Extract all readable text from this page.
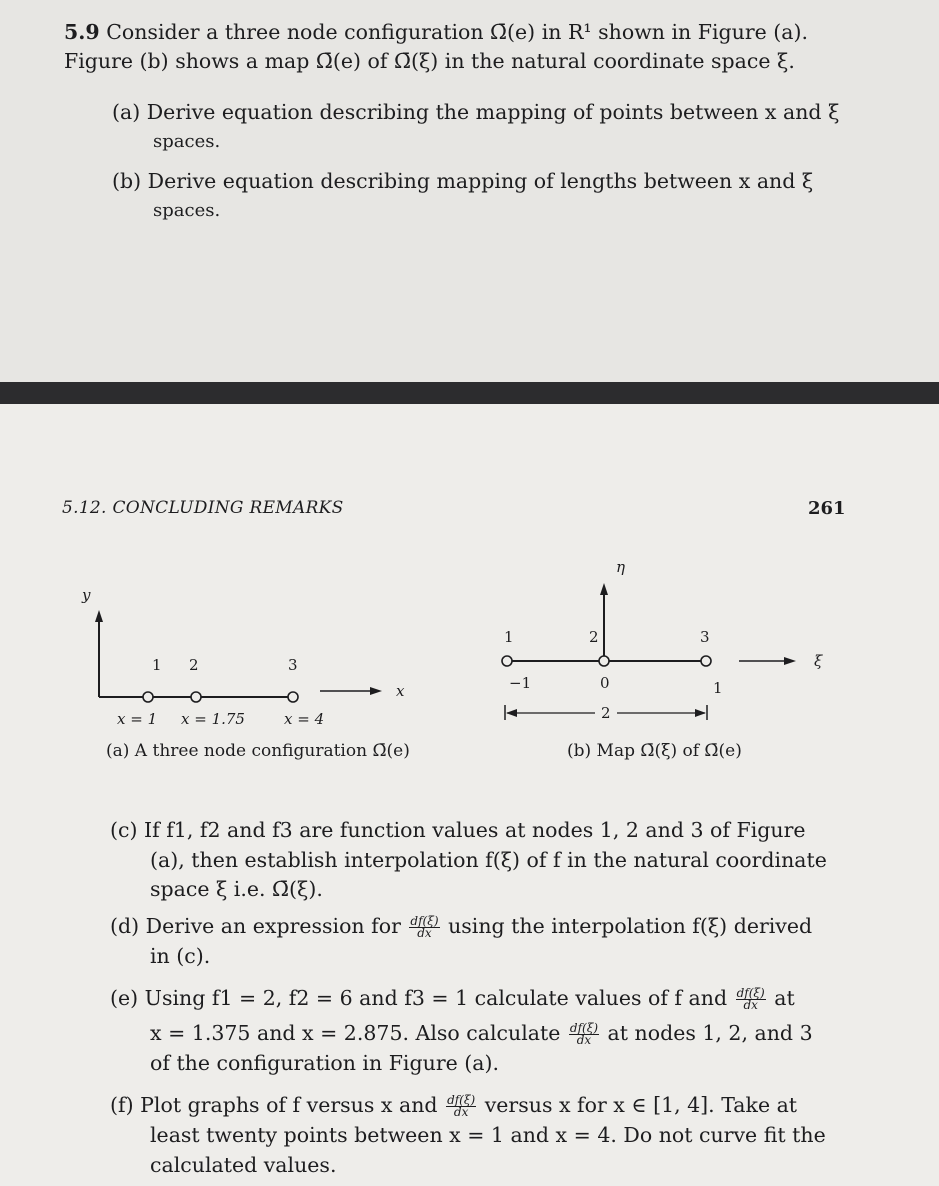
5.9 Consider a three node configuration Ω̄(e) in R¹ shown in Figure (a).
Figure (b) shows a map Ω̄(e) of Ω̄(ξ) in the natural coordinate space ξ.
(a) Derive equation describing the mapping of points between x and ξ
spaces.
(b) Derive equation describing mapping of lengths between x and ξ
spaces.
5.12. CONCLUDING REMARKS	261
y
x
1 2	3
x = 1 x = 1.75	x = 4
(a) A three node configuration Ω̄(e)
η
ξ
1	2	3
−1	0	1
2
(b) Map Ω̄(ξ) of Ω̄(e)
(c) If f1, f2 and f3 are function values at nodes 1, 2 and 3 of Figure
(a), then establish interpolation f(ξ) of f in the natural coordinate
space ξ i.e. Ω̄(ξ).
(d) Derive an expression for $\frac{df(\xi)}{dx}$ using the interpolation f(ξ) derived
in (c).
(e) Using f1 = 2, f2 = 6 and f3 = 1 calculate values of f and $\frac{df(\xi)}{dx}$ at
x = 1.375 and x = 2.875. Also calculate $\frac{df(\xi)}{dx}$ at nodes 1, 2, and 3
of the configuration in Figure (a).
(f) Plot graphs of f versus x and $\frac{df(\xi)}{dx}$ versus x for x ∈ [1, 4]. Take at
least twenty points between x = 1 and x = 4. Do not curve fit the
calculated values.
